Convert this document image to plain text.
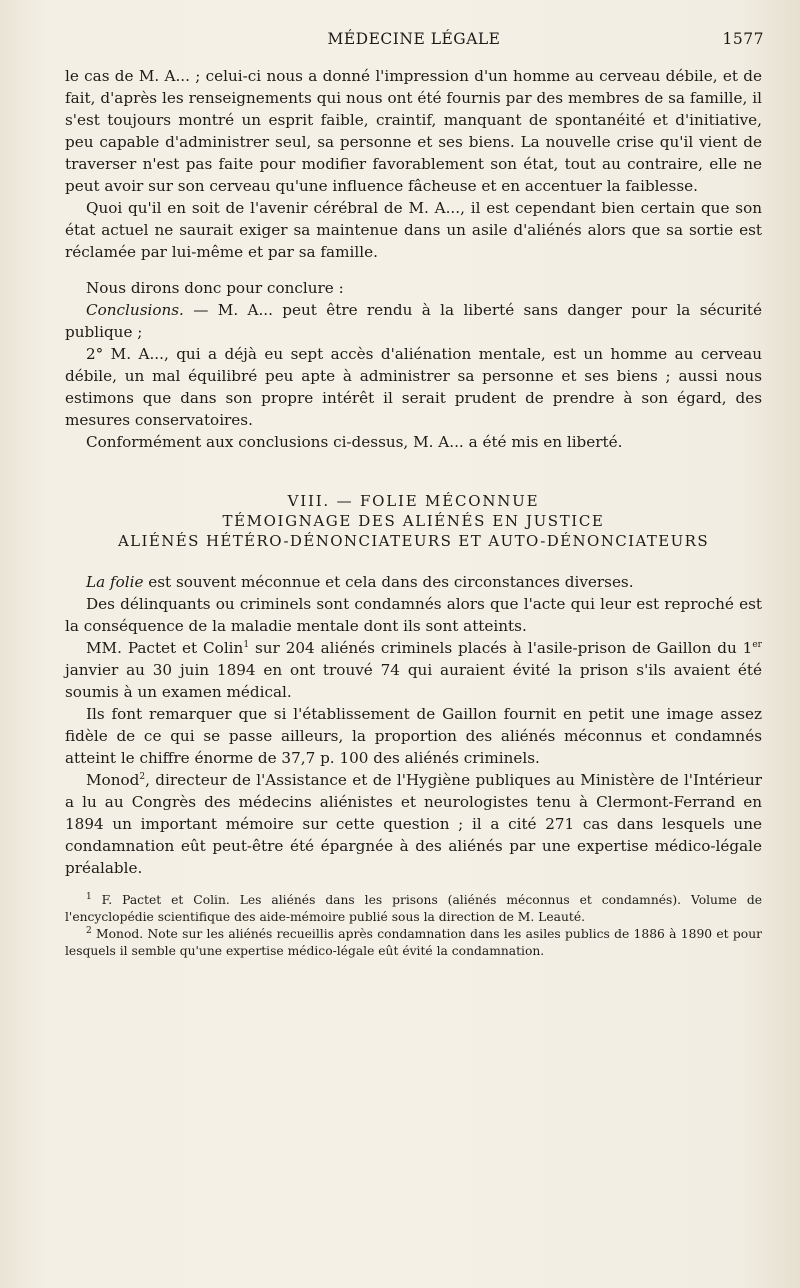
MÉDECINE LÉGALE	1577

le cas de M. A... ; celui-ci nous a donné l'impression d'un homme au cerveau débile, et de fait, d'après les renseignements qui nous ont été fournis par des membres de sa famille, il s'est toujours montré un esprit faible, craintif, manquant de spontanéité et d'initiative, peu capable d'administrer seul, sa personne et ses biens. La nouvelle crise qu'il vient de traverser n'est pas faite pour modifier favorablement son état, tout au contraire, elle ne peut avoir sur son cerveau qu'une influence fâcheuse et en accentuer la faiblesse.

Quoi qu'il en soit de l'avenir cérébral de M. A..., il est cependant bien certain que son état actuel ne saurait exiger sa maintenue dans un asile d'aliénés alors que sa sortie est réclamée par lui-même et par sa famille.

Nous dirons donc pour conclure :

Conclusions. — M. A... peut être rendu à la liberté sans danger pour la sécurité publique ;

2° M. A..., qui a déjà eu sept accès d'aliénation mentale, est un homme au cerveau débile, un mal équilibré peu apte à administrer sa personne et ses biens ; aussi nous estimons que dans son propre intérêt il serait prudent de prendre à son égard, des mesures conservatoires.

Conformément aux conclusions ci-dessus, M. A... a été mis en liberté.

VIII. — FOLIE MÉCONNUE
TÉMOIGNAGE DES ALIÉNÉS EN JUSTICE
ALIÉNÉS HÉTÉRO-DÉNONCIATEURS ET AUTO-DÉNONCIATEURS

La folie est souvent méconnue et cela dans des circonstances diverses.

Des délinquants ou criminels sont condamnés alors que l'acte qui leur est reproché est la conséquence de la maladie mentale dont ils sont atteints.

MM. Pactet et Colin$^1$ sur 204 aliénés criminels placés à l'asile-prison de Gaillon du 1er janvier au 30 juin 1894 en ont trouvé 74 qui auraient évité la prison s'ils avaient été soumis à un examen médical.

Ils font remarquer que si l'établissement de Gaillon fournit en petit une image assez fidèle de ce qui se passe ailleurs, la proportion des aliénés méconnus et condamnés atteint le chiffre énorme de 37,7 p. 100 des aliénés criminels.

Monod$^2$, directeur de l'Assistance et de l'Hygiène publiques au Ministère de l'Intérieur a lu au Congrès des médecins aliénistes et neurologistes tenu à Clermont-Ferrand en 1894 un important mémoire sur cette question ; il a cité 271 cas dans lesquels une condamnation eût peut-être été épargnée à des aliénés par une expertise médico-légale préalable.

$^1$ F. Pactet et Colin. Les aliénés dans les prisons (aliénés méconnus et condamnés). Volume de l'encyclopédie scientifique des aide-mémoire publié sous la direction de M. Leauté.

$^2$ Monod. Note sur les aliénés recueillis après condamnation dans les asiles publics de 1886 à 1890 et pour lesquels il semble qu'une expertise médico-légale eût évité la condamnation.
